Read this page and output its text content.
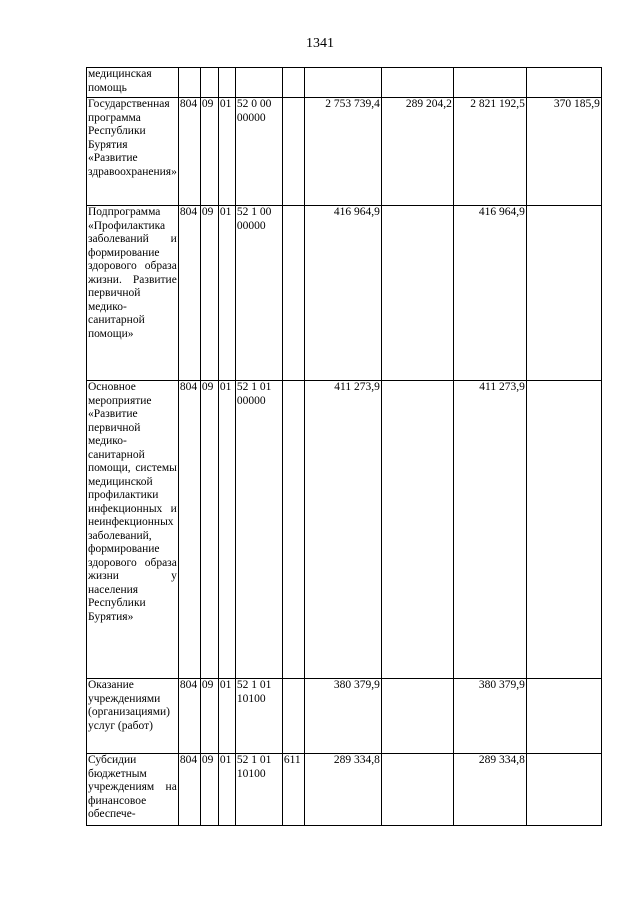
1341
медицинская помощь									
Государственная программа Республики Бурятия «Развитие здравоохранения»	804	09	01	52 0 00 00000		2 753 739,4	289 204,2	2 821 192,5	370 185,9
Подпрограмма «Профилактика заболеваний и формирование здорового образа жизни. Развитие первичной медико-санитарной помощи»	804	09	01	52 1 00 00000		416 964,9		416 964,9	
Основное мероприятие «Развитие первичной медико-санитарной помощи, системы медицинской профилактики инфекционных и неинфекционных заболеваний, формирование здорового образа жизни у населения Республики Бурятия»	804	09	01	52 1 01 00000		411 273,9		411 273,9	
Оказание учреждениями (организациями) услуг (работ)	804	09	01	52 1 01 10100		380 379,9		380 379,9	
Субсидии бюджетным учреждениям на финансовое обеспече-	804	09	01	52 1 01 10100	611	289 334,8		289 334,8	
